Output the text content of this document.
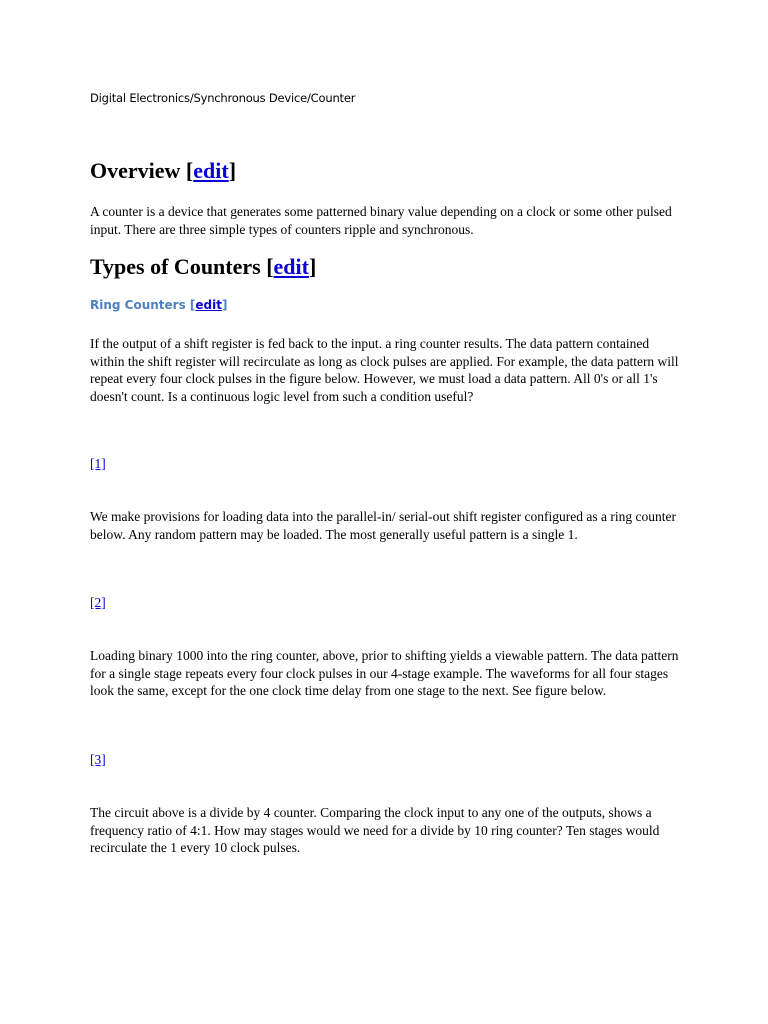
Digital Electronics/Synchronous Device/Counter
Overview [edit]

A counter is a device that generates some patterned binary value depending on a clock or some other pulsed input. There are three simple types of counters ripple and synchronous.

Types of Counters [edit]
Ring Counters [edit]

If the output of a shift register is fed back to the input. a ring counter results. The data pattern contained within the shift register will recirculate as long as clock pulses are applied. For example, the data pattern will repeat every four clock pulses in the figure below. However, we must load a data pattern. All 0's or all 1's doesn't count. Is a continuous logic level from such a condition useful?

[1]

We make provisions for loading data into the parallel-in/ serial-out shift register configured as a ring counter below. Any random pattern may be loaded. The most generally useful pattern is a single 1.

[2]

Loading binary 1000 into the ring counter, above, prior to shifting yields a viewable pattern. The data pattern for a single stage repeats every four clock pulses in our 4-stage example. The waveforms for all four stages look the same, except for the one clock time delay from one stage to the next. See figure below.

[3]

The circuit above is a divide by 4 counter. Comparing the clock input to any one of the outputs, shows a frequency ratio of 4:1. How may stages would we need for a divide by 10 ring counter? Ten stages would recirculate the 1 every 10 clock pulses.
